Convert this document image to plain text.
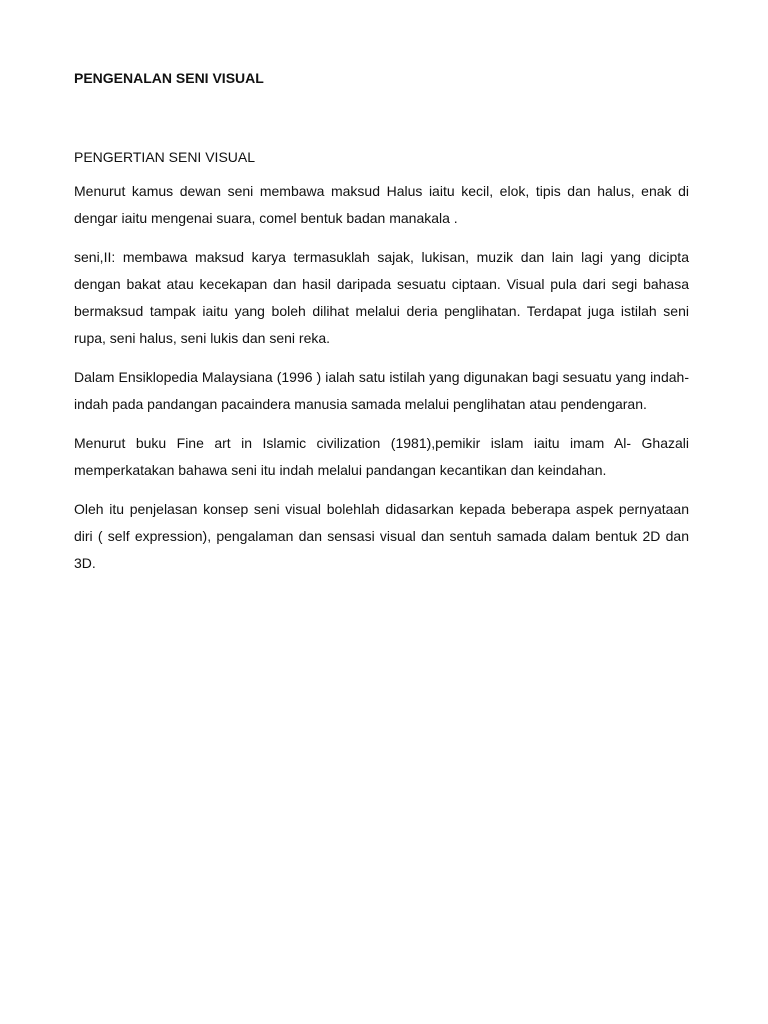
PENGENALAN SENI VISUAL
PENGERTIAN SENI VISUAL

Menurut kamus dewan seni membawa maksud Halus iaitu kecil, elok, tipis dan halus, enak di dengar iaitu mengenai suara, comel bentuk badan manakala .

seni,II: membawa maksud karya termasuklah sajak, lukisan, muzik dan lain lagi yang dicipta dengan bakat atau kecekapan dan hasil daripada sesuatu ciptaan. Visual pula dari segi bahasa bermaksud tampak iaitu yang boleh dilihat melalui deria penglihatan. Terdapat juga istilah seni rupa, seni halus, seni lukis dan seni reka.

Dalam Ensiklopedia Malaysiana (1996 ) ialah satu istilah yang digunakan bagi sesuatu yang indah-indah pada pandangan pacaindera manusia samada melalui penglihatan atau pendengaran.

Menurut buku Fine art in Islamic civilization (1981),pemikir islam iaitu imam Al- Ghazali memperkatakan bahawa seni itu indah melalui pandangan kecantikan dan keindahan.

Oleh itu penjelasan konsep seni visual bolehlah didasarkan kepada beberapa aspek pernyataan diri ( self expression), pengalaman dan sensasi visual dan sentuh samada dalam bentuk 2D dan 3D.
